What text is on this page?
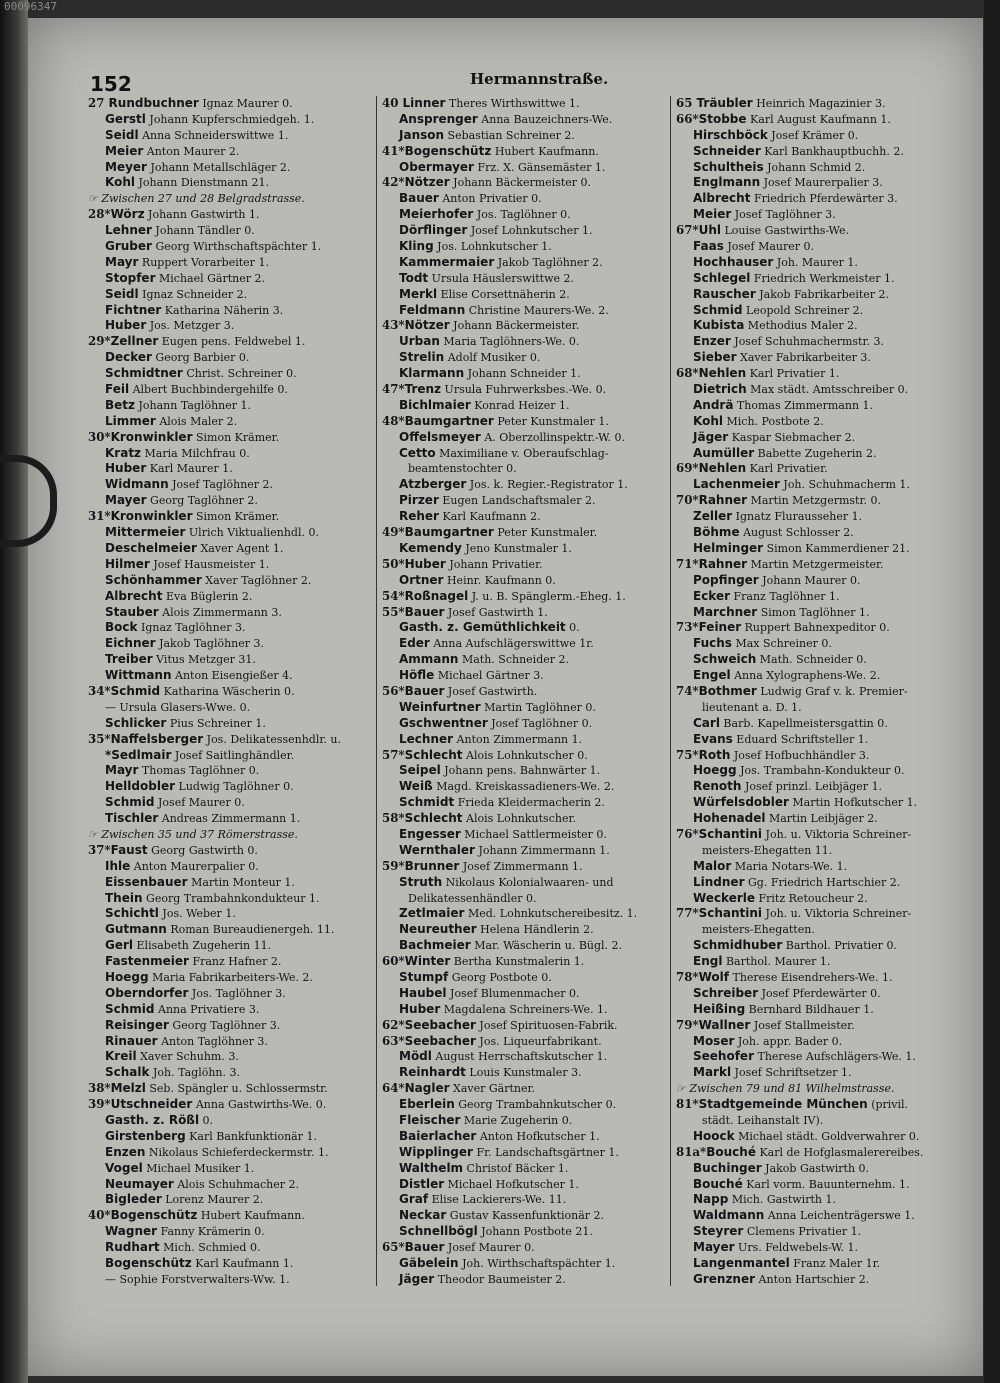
00096347
152	Hermannstraße.
27 Rundbuchner Ignaz Maurer 0.
Gerstl Johann Kupferschmiedgeh. 1.
Seidl Anna Schneiderswittwe 1.
Meier Anton Maurer 2.
Meyer Johann Metallschläger 2.
Kohl Johann Dienstmann 21.
☞ Zwischen 27 und 28 Belgradstrasse.
28*Wörz Johann Gastwirth 1.
Lehner Johann Tändler 0.
Gruber Georg Wirthschaftspächter 1.
Mayr Ruppert Vorarbeiter 1.
Stopfer Michael Gärtner 2.
Seidl Ignaz Schneider 2.
Fichtner Katharina Näherin 3.
Huber Jos. Metzger 3.
29*Zellner Eugen pens. Feldwebel 1.
Decker Georg Barbier 0.
Schmidtner Christ. Schreiner 0.
Feil Albert Buchbindergehilfe 0.
Betz Johann Taglöhner 1.
Limmer Alois Maler 2.
30*Kronwinkler Simon Krämer.
Kratz Maria Milchfrau 0.
Huber Karl Maurer 1.
Widmann Josef Taglöhner 2.
Mayer Georg Taglöhner 2.
31*Kronwinkler Simon Krämer.
Mittermeier Ulrich Viktualienhdl. 0.
Deschelmeier Xaver Agent 1.
Hilmer Josef Hausmeister 1.
Schönhammer Xaver Taglöhner 2.
Albrecht Eva Büglerin 2.
Stauber Alois Zimmermann 3.
Bock Ignaz Taglöhner 3.
Eichner Jakob Taglöhner 3.
Treiber Vitus Metzger 31.
Wittmann Anton Eisengießer 4.
34*Schmid Katharina Wäscherin 0.
— Ursula Glasers-Wwe. 0.
Schlicker Pius Schreiner 1.
35*Naffelsberger Jos. Delikatessenhdlr. u.
*Sedlmair Josef Saitlinghändler.
Mayr Thomas Taglöhner 0.
Helldobler Ludwig Taglöhner 0.
Schmid Josef Maurer 0.
Tischler Andreas Zimmermann 1.
☞ Zwischen 35 und 37 Römerstrasse.
37*Faust Georg Gastwirth 0.
Ihle Anton Maurerpalier 0.
Eissenbauer Martin Monteur 1.
Thein Georg Trambahnkondukteur 1.
Schichtl Jos. Weber 1.
Gutmann Roman Bureaudienergeh. 11.
Gerl Elisabeth Zugeherin 11.
Fastenmeier Franz Hafner 2.
Hoegg Maria Fabrikarbeiters-We. 2.
Oberndorfer Jos. Taglöhner 3.
Schmid Anna Privatiere 3.
Reisinger Georg Taglöhner 3.
Rinauer Anton Taglöhner 3.
Kreil Xaver Schuhm. 3.
Schalk Joh. Taglöhn. 3.
38*Melzl Seb. Spängler u. Schlossermstr.
39*Utschneider Anna Gastwirths-We. 0.
Gasth. z. Rößl 0.
Girstenberg Karl Bankfunktionär 1.
Enzen Nikolaus Schieferdeckermstr. 1.
Vogel Michael Musiker 1.
Neumayer Alois Schuhmacher 2.
Bigleder Lorenz Maurer 2.
40*Bogenschütz Hubert Kaufmann.
Wagner Fanny Krämerin 0.
Rudhart Mich. Schmied 0.
Bogenschütz Karl Kaufmann 1.
— Sophie Forstverwalters-Ww. 1.
40 Linner Theres Wirthswittwe 1.
Ansprenger Anna Bauzeichners-We.
Janson Sebastian Schreiner 2.
41*Bogenschütz Hubert Kaufmann.
Obermayer Frz. X. Gänsemäster 1.
42*Nötzer Johann Bäckermeister 0.
Bauer Anton Privatier 0.
Meierhofer Jos. Taglöhner 0.
Dörflinger Josef Lohnkutscher 1.
Kling Jos. Lohnkutscher 1.
Kammermaier Jakob Taglöhner 2.
Todt Ursula Häuslerswittwe 2.
Merkl Elise Corsettnäherin 2.
Feldmann Christine Maurers-We. 2.
43*Nötzer Johann Bäckermeister.
Urban Maria Taglöhners-We. 0.
Strelin Adolf Musiker 0.
Klarmann Johann Schneider 1.
47*Trenz Ursula Fuhrwerksbes.-We. 0.
Bichlmaier Konrad Heizer 1.
48*Baumgartner Peter Kunstmaler 1.
Offelsmeyer A. Oberzollinspektr.-W. 0.
Cetto Maximiliane v. Oberaufschlag-
beamtenstochter 0.
Atzberger Jos. k. Regier.-Registrator 1.
Pirzer Eugen Landschaftsmaler 2.
Reher Karl Kaufmann 2.
49*Baumgartner Peter Kunstmaler.
Kemendy Jeno Kunstmaler 1.
50*Huber Johann Privatier.
Ortner Heinr. Kaufmann 0.
54*Roßnagel J. u. B. Spänglerm.-Eheg. 1.
55*Bauer Josef Gastwirth 1.
Gasth. z. Gemüthlichkeit 0.
Eder Anna Aufschlägerswittwe 1r.
Ammann Math. Schneider 2.
Höfle Michael Gärtner 3.
56*Bauer Josef Gastwirth.
Weinfurtner Martin Taglöhner 0.
Gschwentner Josef Taglöhner 0.
Lechner Anton Zimmermann 1.
57*Schlecht Alois Lohnkutscher 0.
Seipel Johann pens. Bahnwärter 1.
Weiß Magd. Kreiskassadieners-We. 2.
Schmidt Frieda Kleidermacherin 2.
58*Schlecht Alois Lohnkutscher.
Engesser Michael Sattlermeister 0.
Wernthaler Johann Zimmermann 1.
59*Brunner Josef Zimmermann 1.
Struth Nikolaus Kolonialwaaren- und
Delikatessenhändler 0.
Zetlmaier Med. Lohnkutschereibesitz. 1.
Neureuther Helena Händlerin 2.
Bachmeier Mar. Wäscherin u. Bügl. 2.
60*Winter Bertha Kunstmalerin 1.
Stumpf Georg Postbote 0.
Haubel Josef Blumenmacher 0.
Huber Magdalena Schreiners-We. 1.
62*Seebacher Josef Spirituosen-Fabrik.
63*Seebacher Jos. Liqueurfabrikant.
Mödl August Herrschaftskutscher 1.
Reinhardt Louis Kunstmaler 3.
64*Nagler Xaver Gärtner.
Eberlein Georg Trambahnkutscher 0.
Fleischer Marie Zugeherin 0.
Baierlacher Anton Hofkutscher 1.
Wipplinger Fr. Landschaftsgärtner 1.
Walthelm Christof Bäcker 1.
Distler Michael Hofkutscher 1.
Graf Elise Lackierers-We. 11.
Neckar Gustav Kassenfunktionär 2.
Schnellbögl Johann Postbote 21.
65*Bauer Josef Maurer 0.
Gäbelein Joh. Wirthschaftspächter 1.
Jäger Theodor Baumeister 2.
65 Träubler Heinrich Magazinier 3.
66*Stobbe Karl August Kaufmann 1.
Hirschböck Josef Krämer 0.
Schneider Karl Bankhauptbuchh. 2.
Schultheis Johann Schmid 2.
Englmann Josef Maurerpalier 3.
Albrecht Friedrich Pferdewärter 3.
Meier Josef Taglöhner 3.
67*Uhl Louise Gastwirths-We.
Faas Josef Maurer 0.
Hochhauser Joh. Maurer 1.
Schlegel Friedrich Werkmeister 1.
Rauscher Jakob Fabrikarbeiter 2.
Schmid Leopold Schreiner 2.
Kubista Methodius Maler 2.
Enzer Josef Schuhmachermstr. 3.
Sieber Xaver Fabrikarbeiter 3.
68*Nehlen Karl Privatier 1.
Dietrich Max städt. Amtsschreiber 0.
Andrä Thomas Zimmermann 1.
Kohl Mich. Postbote 2.
Jäger Kaspar Siebmacher 2.
Aumüller Babette Zugeherin 2.
69*Nehlen Karl Privatier.
Lachenmeier Joh. Schuhmacherm 1.
70*Rahner Martin Metzgermstr. 0.
Zeller Ignatz Flurausseher 1.
Böhme August Schlosser 2.
Helminger Simon Kammerdiener 21.
71*Rahner Martin Metzgermeister.
Popfinger Johann Maurer 0.
Ecker Franz Taglöhner 1.
Marchner Simon Taglöhner 1.
73*Feiner Ruppert Bahnexpeditor 0.
Fuchs Max Schreiner 0.
Schweich Math. Schneider 0.
Engel Anna Xylographens-We. 2.
74*Bothmer Ludwig Graf v. k. Premier-
lieutenant a. D. 1.
Carl Barb. Kapellmeistersgattin 0.
Evans Eduard Schriftsteller 1.
75*Roth Josef Hofbuchhändler 3.
Hoegg Jos. Trambahn-Kondukteur 0.
Renoth Josef prinzl. Leibjäger 1.
Würfelsdobler Martin Hofkutscher 1.
Hohenadel Martin Leibjäger 2.
76*Schantini Joh. u. Viktoria Schreiner-
meisters-Ehegatten 11.
Malor Maria Notars-We. 1.
Lindner Gg. Friedrich Hartschier 2.
Weckerle Fritz Retoucheur 2.
77*Schantini Joh. u. Viktoria Schreiner-
meisters-Ehegatten.
Schmidhuber Barthol. Privatier 0.
Engl Barthol. Maurer 1.
78*Wolf Therese Eisendrehers-We. 1.
Schreiber Josef Pferdewärter 0.
Heißing Bernhard Bildhauer 1.
79*Wallner Josef Stallmeister.
Moser Joh. appr. Bader 0.
Seehofer Therese Aufschlägers-We. 1.
Markl Josef Schriftsetzer 1.
☞ Zwischen 79 und 81 Wilhelmstrasse.
81*Stadtgemeinde München (privil.
städt. Leihanstalt IV).
Hoock Michael städt. Goldverwahrer 0.
81a*Bouché Karl de Hofglasmalerereibes.
Buchinger Jakob Gastwirth 0.
Bouché Karl vorm. Bauunternehm. 1.
Napp Mich. Gastwirth 1.
Waldmann Anna Leichenträgerswe 1.
Steyrer Clemens Privatier 1.
Mayer Urs. Feldwebels-W. 1.
Langenmantel Franz Maler 1r.
Grenzner Anton Hartschier 2.
